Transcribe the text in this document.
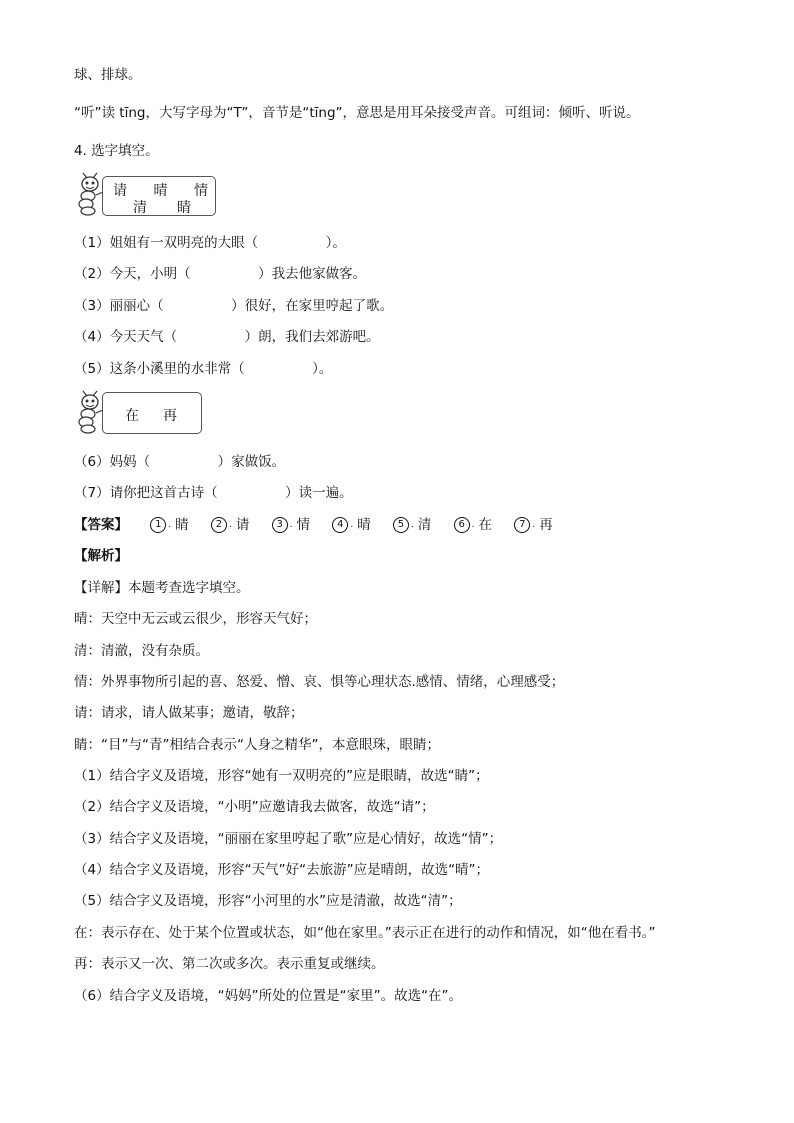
球、排球。
“听”读 tīng，大写字母为“T”，音节是“tīng”，意思是用耳朵接受声音。可组词：倾听、听说。
4. 选字填空。
请 晴 情
清 睛
（1）姐姐有一双明亮的大眼（　　　　　）。
（2）今天，小明（　　　　　）我去他家做客。
（3）丽丽心（　　　　　）很好，在家里哼起了歌。
（4）今天天气（　　　　　）朗，我们去郊游吧。
（5）这条小溪里的水非常（　　　　　）。
在 再
（6）妈妈（　　　　　）家做饭。
（7）请你把这首古诗（　　　　　）读一遍。
【答案】	1 . 睛	2 . 请	3 . 情	4 . 晴	5 . 清	6 . 在	7 . 再
【解析】
【详解】本题考查选字填空。
晴：天空中无云或云很少，形容天气好；
清：清澈，没有杂质。
情：外界事物所引起的喜、怒爱、憎、哀、惧等心理状态.感情、情绪，心理感受；
请：请求，请人做某事；邀请，敬辞；
睛：“目”与“青”相结合表示“人身之精华”，本意眼珠，眼睛；
（1）结合字义及语境，形容“她有一双明亮的”应是眼睛，故选“睛”；
（2）结合字义及语境，“小明”应邀请我去做客，故选“请”；
（3）结合字义及语境，“丽丽在家里哼起了歌”应是心情好，故选“情”；
（4）结合字义及语境，形容“天气”好“去旅游”应是晴朗，故选“晴”；
（5）结合字义及语境，形容“小河里的水”应是清澈，故选“清”；
在：表示存在、处于某个位置或状态，如“他在家里。”表示正在进行的动作和情况，如“他在看书。”
再：表示又一次、第二次或多次。表示重复或继续。
（6）结合字义及语境，“妈妈”所处的位置是“家里”。故选“在”。
